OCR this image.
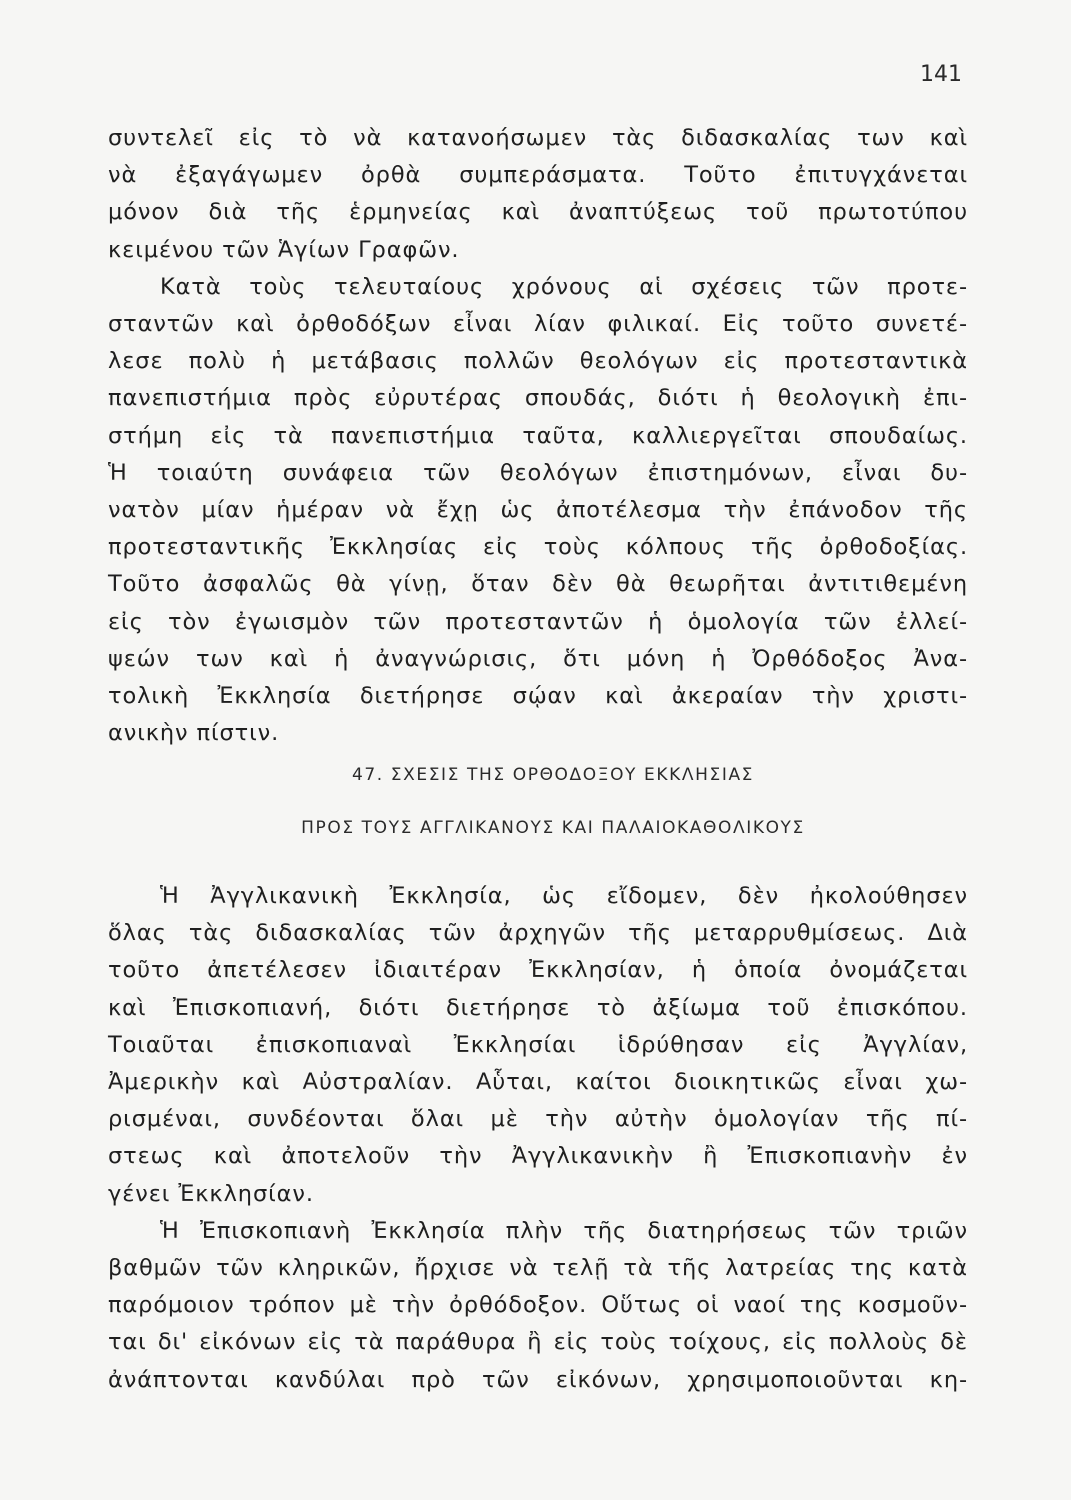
141
συντελεῖ εἰς τὸ νὰ κατανοήσωμεν τὰς διδασκαλίας των καὶ
νὰ ἐξαγάγωμεν ὀρθὰ συμπεράσματα. Τοῦτο ἐπιτυγχάνεται
μόνον διὰ τῆς ἑρμηνείας καὶ ἀναπτύξεως τοῦ πρωτοτύπου
κειμένου τῶν Ἁγίων Γραφῶν.
Κατὰ τοὺς τελευταίους χρόνους αἱ σχέσεις τῶν προτε-
σταντῶν καὶ ὀρθοδόξων εἶναι λίαν φιλικαί. Εἰς τοῦτο συνετέ-
λεσε πολὺ ἡ μετάβασις πολλῶν θεολόγων εἰς προτεσταντικὰ
πανεπιστήμια πρὸς εὐρυτέρας σπουδάς, διότι ἡ θεολογικὴ ἐπι-
στήμη εἰς τὰ πανεπιστήμια ταῦτα, καλλιεργεῖται σπουδαίως.
Ἡ τοιαύτη συνάφεια τῶν θεολόγων ἐπιστημόνων, εἶναι δυ-
νατὸν μίαν ἡμέραν νὰ ἔχῃ ὡς ἀποτέλεσμα τὴν ἐπάνοδον τῆς
προτεσταντικῆς Ἐκκλησίας εἰς τοὺς κόλπους τῆς ὀρθοδοξίας.
Τοῦτο ἀσφαλῶς θὰ γίνῃ, ὅταν δὲν θὰ θεωρῆται ἀντιτιθεμένη
εἰς τὸν ἐγωισμὸν τῶν προτεσταντῶν ἡ ὁμολογία τῶν ἐλλεί-
ψεών των καὶ ἡ ἀναγνώρισις, ὅτι μόνη ἡ Ὀρθόδοξος Ἀνα-
τολικὴ Ἐκκλησία διετήρησε σῴαν καὶ ἀκεραίαν τὴν χριστι-
ανικὴν πίστιν.
47. ΣΧΕΣΙΣ ΤΗΣ ΟΡΘΟΔΟΞΟΥ ΕΚΚΛΗΣΙΑΣ
ΠΡΟΣ ΤΟΥΣ ΑΓΓΛΙΚΑΝΟΥΣ ΚΑΙ ΠΑΛΑΙΟΚΑΘΟΛΙΚΟΥΣ
Ἡ Ἀγγλικανικὴ Ἐκκλησία, ὡς εἴδομεν, δὲν ἠκολούθησεν
ὅλας τὰς διδασκαλίας τῶν ἀρχηγῶν τῆς μεταρρυθμίσεως. Διὰ
τοῦτο ἀπετέλεσεν ἰδιαιτέραν Ἐκκλησίαν, ἡ ὁποία ὀνομάζεται
καὶ Ἐπισκοπιανή, διότι διετήρησε τὸ ἀξίωμα τοῦ ἐπισκόπου.
Τοιαῦται ἐπισκοπιαναὶ Ἐκκλησίαι ἱδρύθησαν εἰς Ἀγγλίαν,
Ἀμερικὴν καὶ Αὐστραλίαν. Αὗται, καίτοι διοικητικῶς εἶναι χω-
ρισμέναι, συνδέονται ὅλαι μὲ τὴν αὐτὴν ὁμολογίαν τῆς πί-
στεως καὶ ἀποτελοῦν τὴν Ἀγγλικανικὴν ἢ Ἐπισκοπιανὴν ἐν
γένει Ἐκκλησίαν.
Ἡ Ἐπισκοπιανὴ Ἐκκλησία πλὴν τῆς διατηρήσεως τῶν τριῶν
βαθμῶν τῶν κληρικῶν, ἤρχισε νὰ τελῇ τὰ τῆς λατρείας της κατὰ
παρόμοιον τρόπον μὲ τὴν ὀρθόδοξον. Οὕτως οἱ ναοί της κοσμοῦν-
ται δι' εἰκόνων εἰς τὰ παράθυρα ἢ εἰς τοὺς τοίχους, εἰς πολλοὺς δὲ
ἀνάπτονται κανδύλαι πρὸ τῶν εἰκόνων, χρησιμοποιοῦνται κη-
